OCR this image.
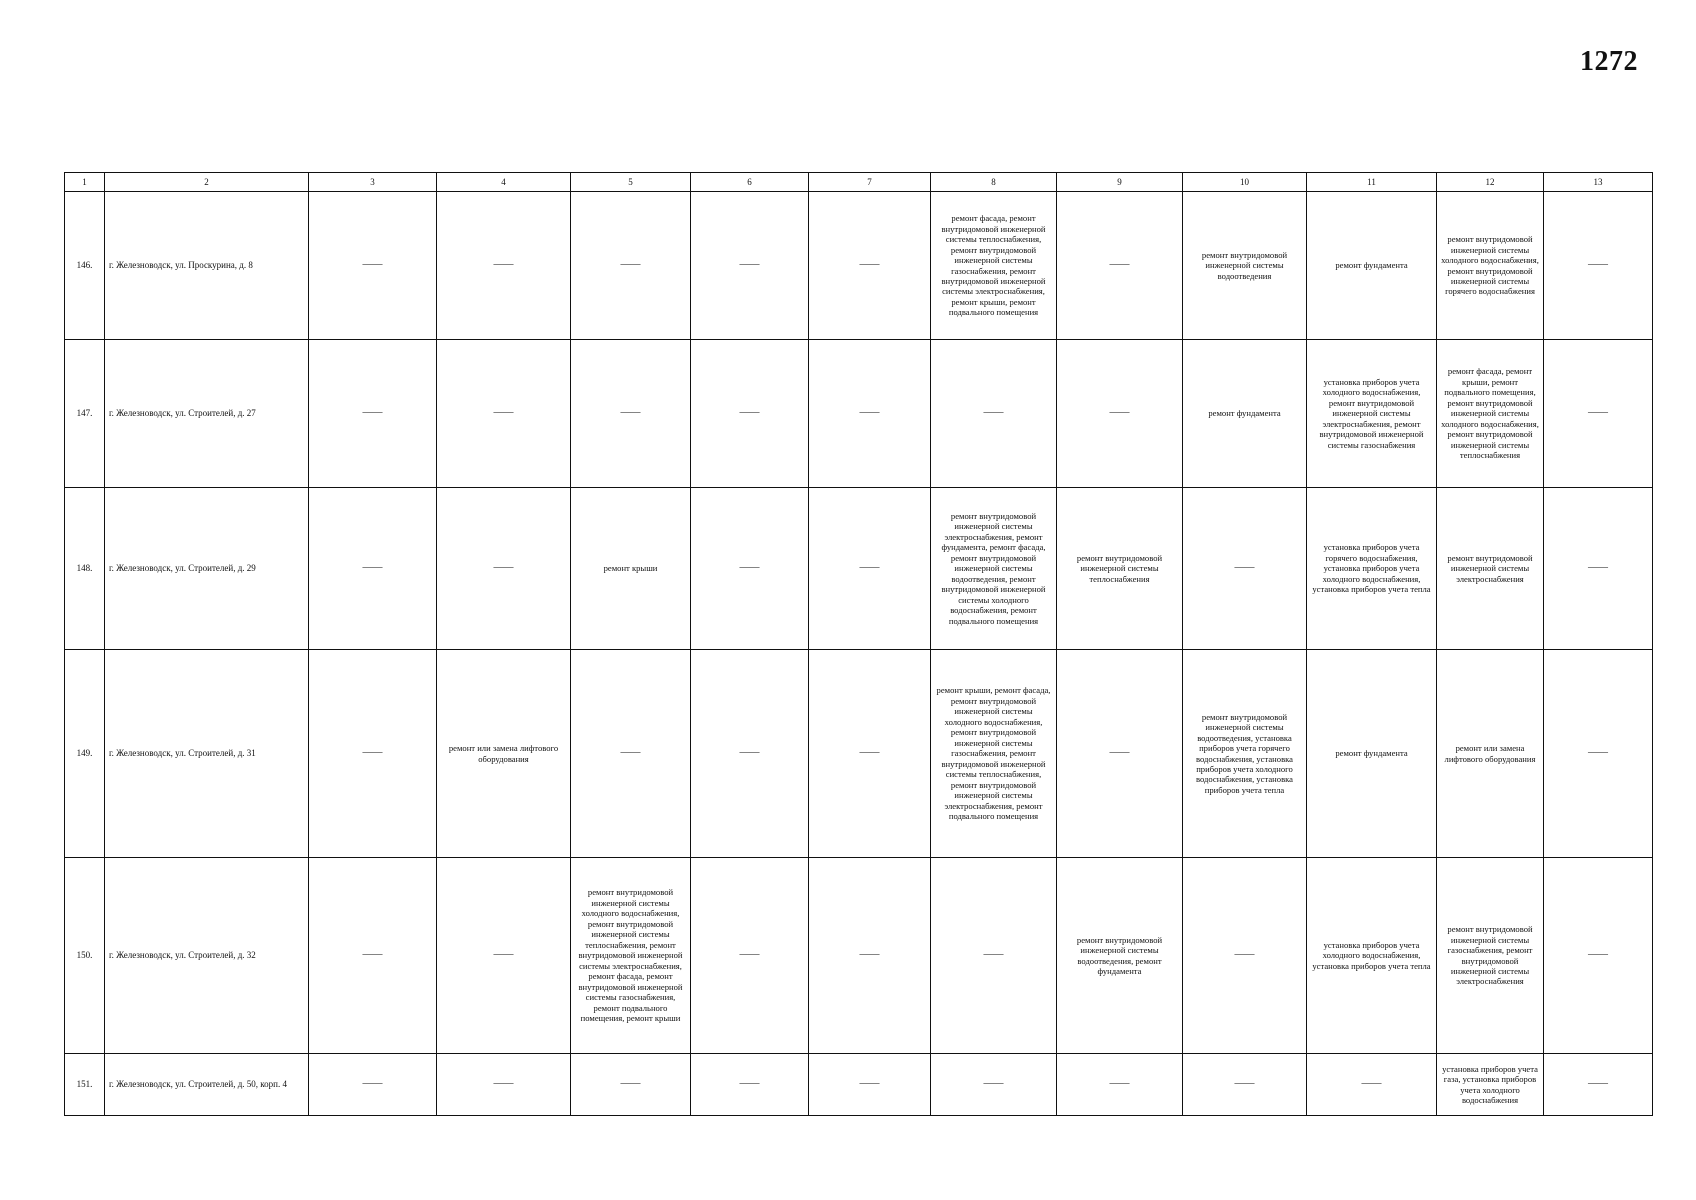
1272
1	2	3	4	5	6	7	8	9	10	11	12	13
146.	г. Железноводск, ул. Проскурина, д. 8	——	——	——	——	——	ремонт фасада, ремонт внутридомовой инженерной системы теплоснабжения, ремонт внутридомовой инженерной системы газоснабжения, ремонт внутридомовой инженерной системы электроснабжения, ремонт крыши, ремонт подвального помещения	——	ремонт внутридомовой инженерной системы водоотведения	ремонт фундамента	ремонт внутридомовой инженерной системы холодного водоснабжения, ремонт внутридомовой инженерной системы горячего водоснабжения	——
147.	г. Железноводск, ул. Строителей, д. 27	——	——	——	——	——	——	——	ремонт фундамента	установка приборов учета холодного водоснабжения, ремонт внутридомовой инженерной системы электроснабжения, ремонт внутридомовой инженерной системы газоснабжения	ремонт фасада, ремонт крыши, ремонт подвального помещения, ремонт внутридомовой инженерной системы холодного водоснабжения, ремонт внутридомовой инженерной системы теплоснабжения	——
148.	г. Железноводск, ул. Строителей, д. 29	——	——	ремонт крыши	——	——	ремонт внутридомовой инженерной системы электроснабжения, ремонт фундамента, ремонт фасада, ремонт внутридомовой инженерной системы водоотведения, ремонт внутридомовой инженерной системы холодного водоснабжения, ремонт подвального помещения	ремонт внутридомовой инженерной системы теплоснабжения	——	установка приборов учета горячего водоснабжения, установка приборов учета холодного водоснабжения, установка приборов учета тепла	ремонт внутридомовой инженерной системы электроснабжения	——
149.	г. Железноводск, ул. Строителей, д. 31	——	ремонт или замена лифтового оборудования	——	——	——	ремонт крыши, ремонт фасада, ремонт внутридомовой инженерной системы холодного водоснабжения, ремонт внутридомовой инженерной системы газоснабжения, ремонт внутридомовой инженерной системы теплоснабжения, ремонт внутридомовой инженерной системы электроснабжения, ремонт подвального помещения	——	ремонт внутридомовой инженерной системы водоотведения, установка приборов учета горячего водоснабжения, установка приборов учета холодного водоснабжения, установка приборов учета тепла	ремонт фундамента	ремонт или замена лифтового оборудования	——
150.	г. Железноводск, ул. Строителей, д. 32	——	——	ремонт внутридомовой инженерной системы холодного водоснабжения, ремонт внутридомовой инженерной системы теплоснабжения, ремонт внутридомовой инженерной системы электроснабжения, ремонт фасада, ремонт внутридомовой инженерной системы газоснабжения, ремонт подвального помещения, ремонт крыши	——	——	——	ремонт внутридомовой инженерной системы водоотведения, ремонт фундамента	——	установка приборов учета холодного водоснабжения, установка приборов учета тепла	ремонт внутридомовой инженерной системы газоснабжения, ремонт внутридомовой инженерной системы электроснабжения	——
151.	г. Железноводск, ул. Строителей, д. 50, корп. 4	——	——	——	——	——	——	——	——	——	установка приборов учета газа, установка приборов учета холодного водоснабжения	——
